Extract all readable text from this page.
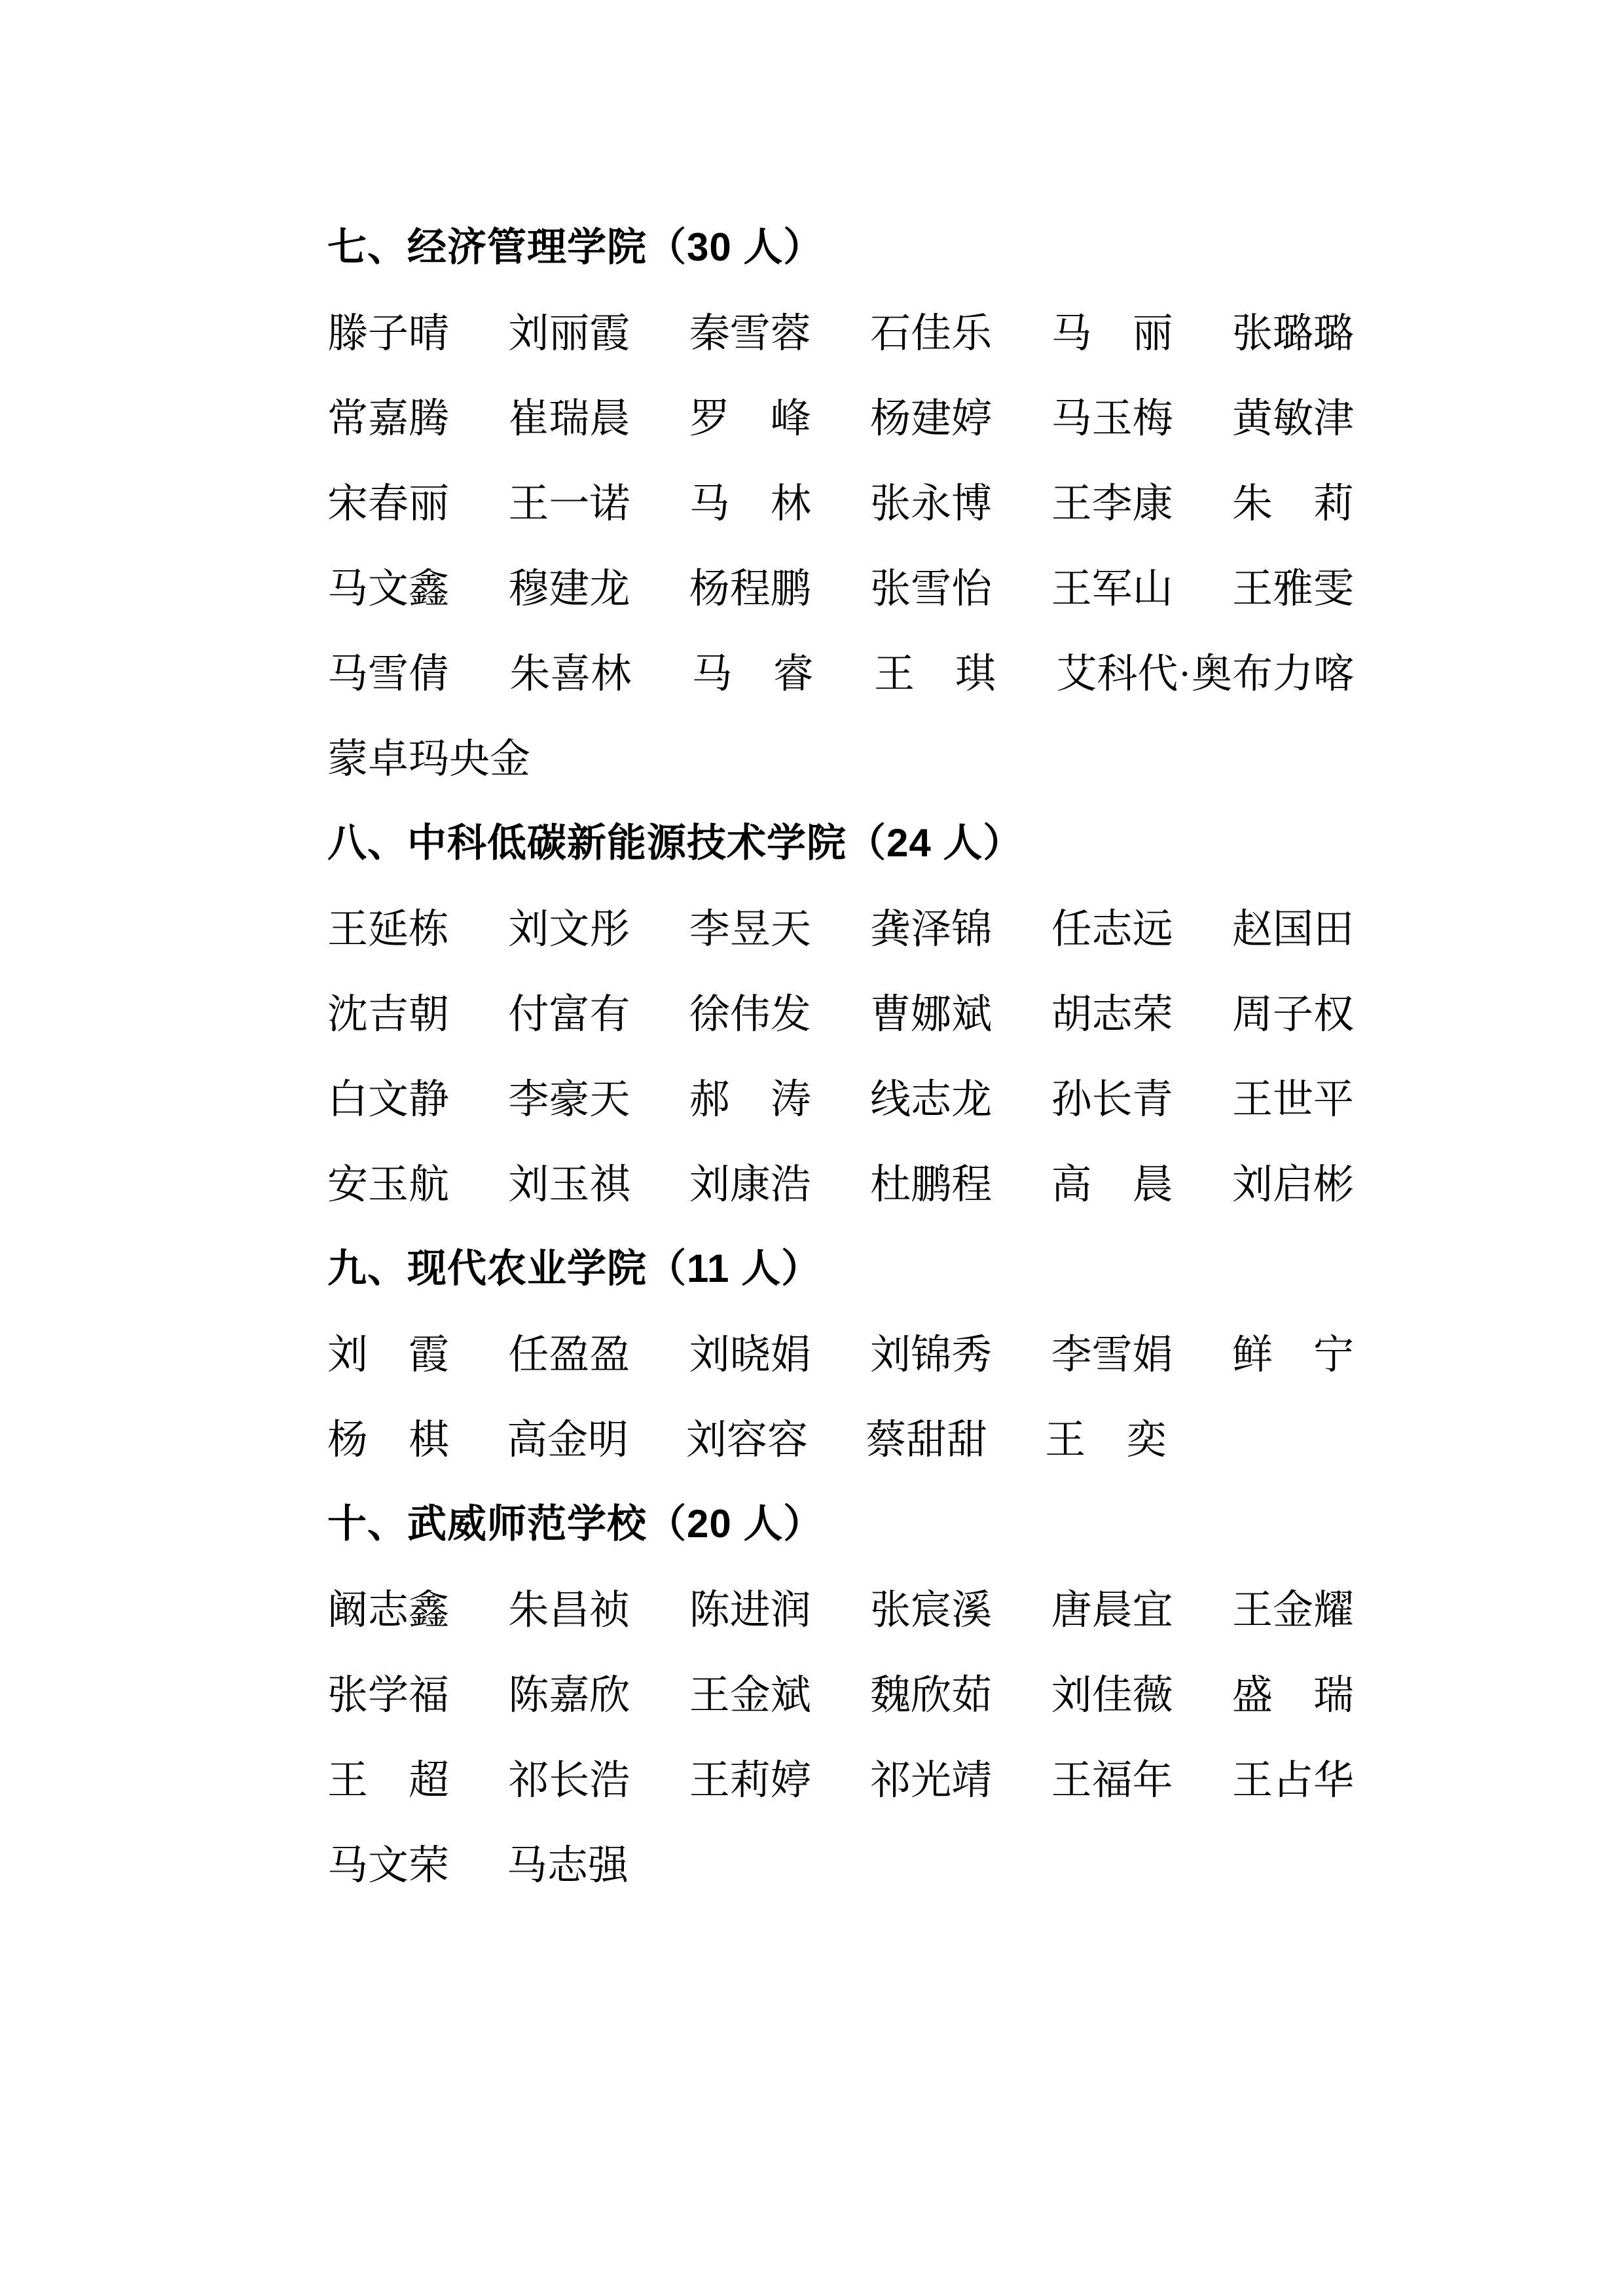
七、经济管理学院（30 人）
滕子晴 刘丽霞 秦雪蓉 石佳乐 马　丽 张璐璐
常嘉腾 崔瑞晨 罗　峰 杨建婷 马玉梅 黄敏津
宋春丽 王一诺 马　林 张永博 王李康 朱　莉
马文鑫 穆建龙 杨程鹏 张雪怡 王军山 王雅雯
马雪倩 朱喜林 马　睿 王　琪 艾科代·奥布力喀
蒙卓玛央金
八、中科低碳新能源技术学院（24 人）
王延栋 刘文彤 李昱天 龚泽锦 任志远 赵国田
沈吉朝 付富有 徐伟发 曹娜斌 胡志荣 周子权
白文静 李豪天 郝　涛 线志龙 孙长青 王世平
安玉航 刘玉祺 刘康浩 杜鹏程 高　晨 刘启彬
九、现代农业学院（11 人）
刘　霞 任盈盈 刘晓娟 刘锦秀 李雪娟 鲜　宁
杨　棋 高金明 刘容容 蔡甜甜 王　奕
十、武威师范学校（20 人）
阚志鑫 朱昌祯 陈进润 张宸溪 唐晨宜 王金耀
张学福 陈嘉欣 王金斌 魏欣茹 刘佳薇 盛　瑞
王　超 祁长浩 王莉婷 祁光靖 王福年 王占华
马文荣 马志强
